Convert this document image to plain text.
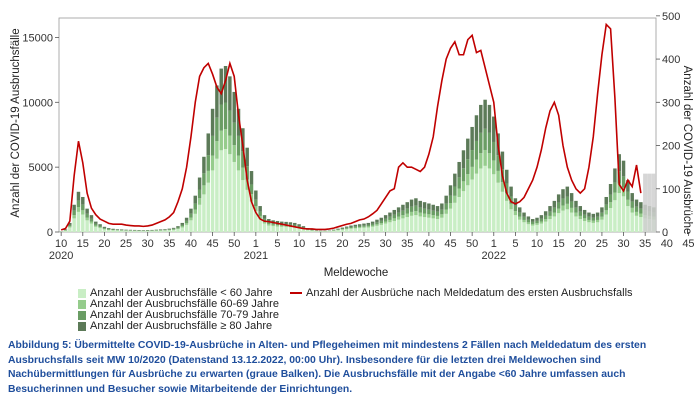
0
5000
10000
15000
0
100
200
300
400
500
10 15 20 25 30 35 40 45 50 1 5 10 15 20 25 30 35 40 45 50 1 5 10 15 20 25 30 35 40 45
2020	2021	2022
Anzahl der COVID-19 Ausbruchsfälle	Anzahl der COVID-19 Ausbrüche
Meldewoche
Anzahl der Ausbruchsfälle < 60 Jahre
Anzahl der Ausbruchsfälle 60-69 Jahre
Anzahl der Ausbruchsfälle 70-79 Jahre
Anzahl der Ausbruchsfälle ≥ 80 Jahre
Anzahl der Ausbrüche nach Meldedatum des ersten Ausbruchsfalls
Abbildung 5: Übermittelte COVID-19-Ausbrüche in Alten- und Pflegeheimen mit mindestens 2 Fällen nach Meldedatum des ersten Ausbruchsfalls seit MW 10/2020 (Datenstand 13.12.2022, 00:00 Uhr). Insbesondere für die letzten drei Meldewochen sind Nachübermittlungen für Ausbrüche zu erwarten (graue Balken). Die Ausbruchsfälle mit der Angabe <60 Jahre umfassen auch Besucherinnen und Besucher sowie Mitarbeitende der Einrichtungen.
